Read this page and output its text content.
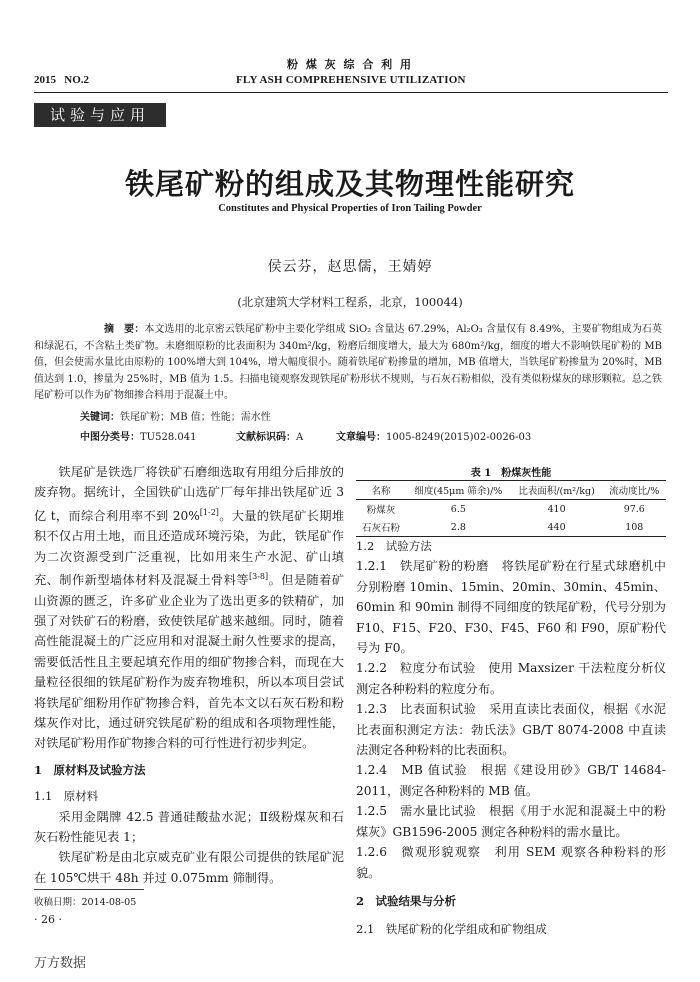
粉 煤 灰 综 合 利 用
2015   NO.2	FLY ASH COMPREHENSIVE UTILIZATION
试验与应用
铁尾矿粉的组成及其物理性能研究
Constitutes and Physical Properties of Iron Tailing Powder
侯云芬，赵思儒，王婧婷
(北京建筑大学材料工程系，北京，100044)
摘　要：本文选用的北京密云铁尾矿粉中主要化学组成 SiO₂ 含量达 67.29%，Al₂O₃ 含量仅有 8.49%，主要矿物组成为石英和绿泥石，不含粘土类矿物。未磨细原粉的比表面积为 340m²/kg，粉磨后细度增大，最大为 680m²/kg，细度的增大不影响铁尾矿粉的 MB 值，但会使需水量比由原粉的 100%增大到 104%，增大幅度很小。随着铁尾矿粉掺量的增加，MB 值增大，当铁尾矿粉掺量为 20%时，MB 值达到 1.0，掺量为 25%时，MB 值为 1.5。扫描电镜观察发现铁尾矿粉形状不规则，与石灰石粉相似，没有类似粉煤灰的球形颗粒。总之铁尾矿粉可以作为矿物细掺合料用于混凝土中。
关键词：铁尾矿粉；MB 值；性能；需水性
中图分类号：TU528.041	文献标识码：A	文章编号：1005-8249(2015)02-0026-03

铁尾矿是铁选厂将铁矿石磨细选取有用组分后排放的废弃物。据统计，全国铁矿山选矿厂每年排出铁尾矿近 3 亿 t，而综合利用率不到 20%[1-2]。大量的铁尾矿长期堆积不仅占用土地，而且还造成环境污染，为此，铁尾矿作为二次资源受到广泛重视，比如用来生产水泥、矿山填充、制作新型墙体材料及混凝土骨料等[3-8]。但是随着矿山资源的匮乏，许多矿业企业为了选出更多的铁精矿，加强了对铁矿石的粉磨，致使铁尾矿越来越细。同时，随着高性能混凝土的广泛应用和对混凝土耐久性要求的提高，需要低活性且主要起填充作用的细矿物掺合料，而现在大量粒径很细的铁尾矿粉作为废弃物堆积，所以本项目尝试将铁尾矿细粉用作矿物掺合料，首先本文以石灰石粉和粉煤灰作对比，通过研究铁尾矿粉的组成和各项物理性能，对铁尾矿粉用作矿物掺合料的可行性进行初步判定。

1　原材料及试验方法
1.1　原材料

采用金隅牌 42.5 普通硅酸盐水泥；Ⅱ级粉煤灰和石灰石粉性能见表 1；

铁尾矿粉是由北京威克矿业有限公司提供的铁尾矿泥在 105℃烘干 48h 并过 0.075mm 筛制得。

表 1　粉煤灰性能
名称	细度(45μm 筛余)/%	比表面积/(m²/kg)	流动度比/%
粉煤灰	6.5	410	97.6
石灰石粉	2.8	440	108
1.2　试验方法

1.2.1　铁尾矿粉的粉磨　将铁尾矿粉在行星式球磨机中分别粉磨 10min、15min、20min、30min、45min、60min 和 90min 制得不同细度的铁尾矿粉，代号分别为 F10、F15、F20、F30、F45、F60 和 F90，原矿粉代号为 F0。

1.2.2　粒度分布试验　使用 Maxsizer 干法粒度分析仪测定各种粉料的粒度分布。

1.2.3　比表面积试验　采用直读比表面仪，根据《水泥比表面积测定方法：勃氏法》GB/T 8074-2008 中直读法测定各种粉料的比表面积。

1.2.4　MB 值试验　根据《建设用砂》GB/T 14684-2011，测定各种粉料的 MB 值。

1.2.5　需水量比试验　根据《用于水泥和混凝土中的粉煤灰》GB1596-2005 测定各种粉料的需水量比。

1.2.6　微观形貌观察　利用 SEM 观察各种粉料的形貌。

2　试验结果与分析
2.1　铁尾矿粉的化学组成和矿物组成
收稿日期：2014-08-05
· 26 ·
万方数据
